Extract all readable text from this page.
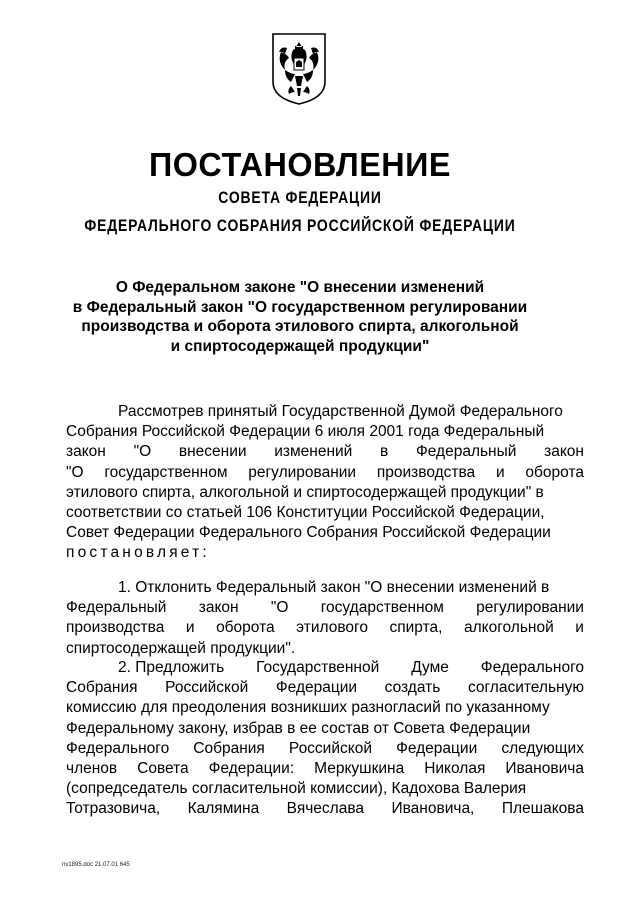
ПОСТАНОВЛЕНИЕ
СОВЕТА ФЕДЕРАЦИИ
ФЕДЕРАЛЬНОГО СОБРАНИЯ РОССИЙСКОЙ ФЕДЕРАЦИИ
О Федеральном законе "О внесении изменений
в Федеральный закон "О государственном регулировании
производства и оборота этилового спирта, алкогольной
и спиртосодержащей продукции"
Рассмотрев принятый Государственной Думой Федерального
Собрания Российской Федерации 6 июля 2001 года Федеральный
закон "О внесении изменений в Федеральный закон
"О государственном регулировании производства и оборота
этилового спирта, алкогольной и спиртосодержащей продукции" в
соответствии со статьей 106 Конституции Российской Федерации,
Совет Федерации Федерального Собрания Российской Федерации
постановляет:
1. Отклонить Федеральный закон "О внесении изменений в
Федеральный закон "О государственном регулировании
производства и оборота этилового спирта, алкогольной и
спиртосодержащей продукции".
2. Предложить Государственной Думе Федерального
Собрания Российской Федерации создать согласительную
комиссию для преодоления возникших разногласий по указанному
Федеральному закону, избрав в ее состав от Совета Федерации
Федерального Собрания Российской Федерации следующих
членов Совета Федерации: Меркушкина Николая Ивановича
(сопредседатель согласительной комиссии), Кадохова Валерия
Тотразовича, Калямина Вячеслава Ивановича, Плешакова
nv1895.doc 21.07.01 645
